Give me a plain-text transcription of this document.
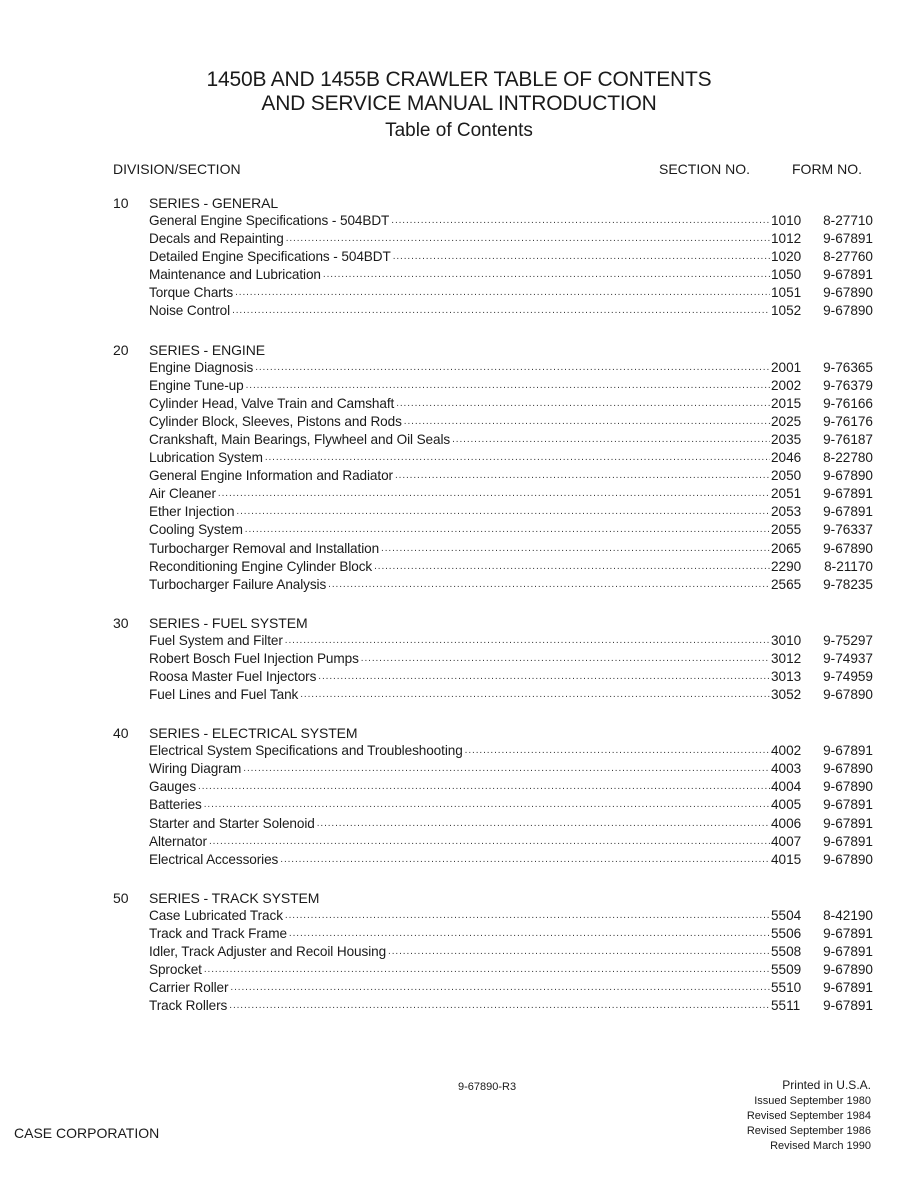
1450B AND 1455B CRAWLER TABLE OF CONTENTS
AND SERVICE MANUAL INTRODUCTION
Table of Contents
DIVISION/SECTION	SECTION NO.	FORM NO.
10	SERIES - GENERAL
General Engine Specifications - 504BDT .....	1010	8-27710
Decals and Repainting .....	1012	9-67891
Detailed Engine Specifications - 504BDT .....	1020	8-27760
Maintenance and Lubrication .....	1050	9-67891
Torque Charts .....	1051	9-67890
Noise Control .....	1052	9-67890
20	SERIES - ENGINE
Engine Diagnosis .....	2001	9-76365
Engine Tune-up .....	2002	9-76379
Cylinder Head, Valve Train and Camshaft .....	2015	9-76166
Cylinder Block, Sleeves, Pistons and Rods .....	2025	9-76176
Crankshaft, Main Bearings, Flywheel and Oil Seals .....	2035	9-76187
Lubrication System .....	2046	8-22780
General Engine Information and Radiator .....	2050	9-67890
Air Cleaner .....	2051	9-67891
Ether Injection .....	2053	9-67891
Cooling System .....	2055	9-76337
Turbocharger Removal and Installation .....	2065	9-67890
Reconditioning Engine Cylinder Block .....	2290	8-21170
Turbocharger Failure Analysis .....	2565	9-78235
30	SERIES - FUEL SYSTEM
Fuel System and Filter .....	3010	9-75297
Robert Bosch Fuel Injection Pumps .....	3012	9-74937
Roosa Master Fuel Injectors .....	3013	9-74959
Fuel Lines and Fuel Tank .....	3052	9-67890
40	SERIES - ELECTRICAL SYSTEM
Electrical System Specifications and Troubleshooting .....	4002	9-67891
Wiring Diagram .....	4003	9-67890
Gauges .....	4004	9-67890
Batteries .....	4005	9-67891
Starter and Starter Solenoid .....	4006	9-67891
Alternator .....	4007	9-67891
Electrical Accessories .....	4015	9-67890
50	SERIES - TRACK SYSTEM
Case Lubricated Track .....	5504	8-42190
Track and Track Frame .....	5506	9-67891
Idler, Track Adjuster and Recoil Housing .....	5508	9-67891
Sprocket .....	5509	9-67890
Carrier Roller .....	5510	9-67891
Track Rollers .....	5511	9-67891
9-67890-R3
CASE CORPORATION
Printed in U.S.A.
Issued September 1980
Revised September 1984
Revised September 1986
Revised March 1990
